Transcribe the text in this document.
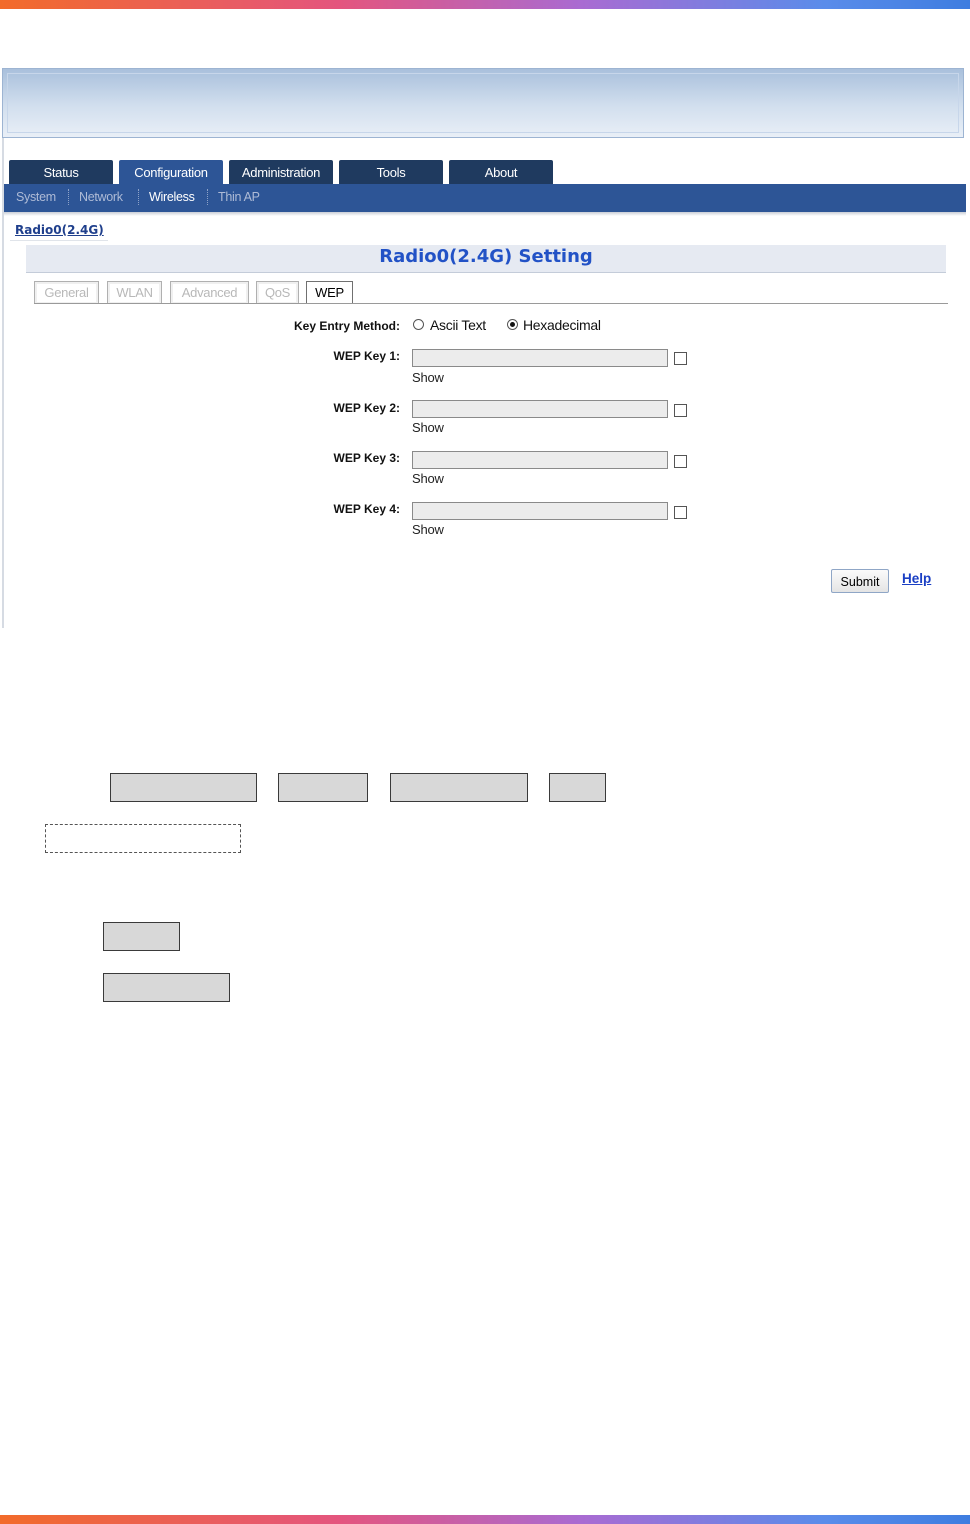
Status	Configuration	Administration	Tools	About
System Network Wireless Thin AP
Radio0(2.4G)
Radio0(2.4G) Setting
General	WLAN	Advanced	QoS	WEP
Key Entry Method: Ascii Text	Hexadecimal
WEP Key 1:
Show
WEP Key 2:
Show
WEP Key 3:
Show
WEP Key 4:
Show
Submit	Help
